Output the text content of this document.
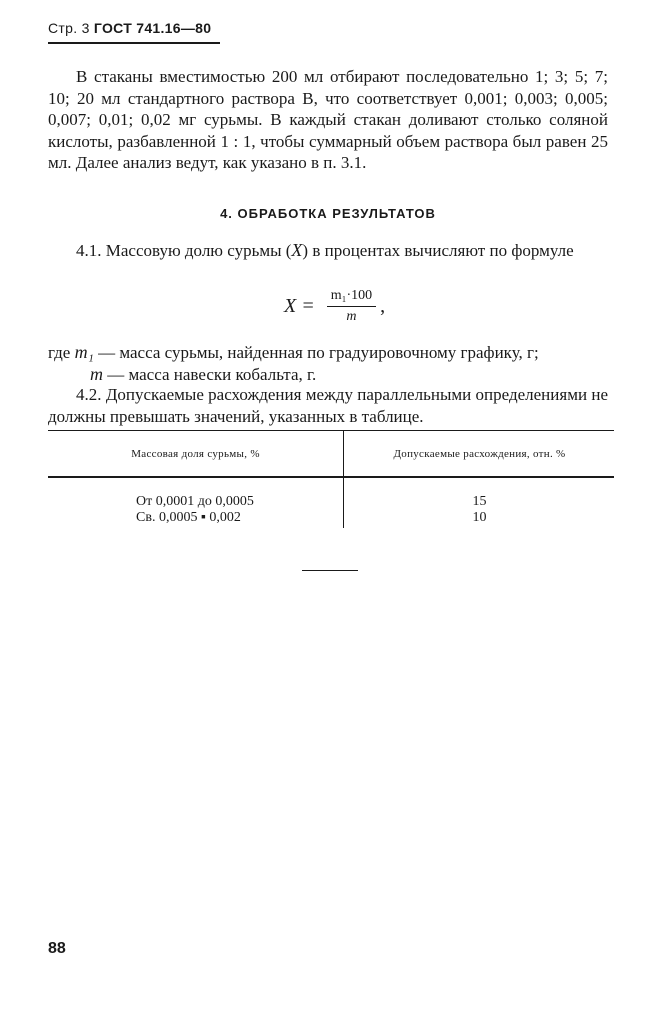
Стр. 3 ГОСТ 741.16—80

В стаканы вместимостью 200 мл отбирают последовательно 1; 3; 5; 7; 10; 20 мл стандартного раствора В, что соответствует 0,001; 0,003; 0,005; 0,007; 0,01; 0,02 мг сурьмы. В каждый стакан доливают столько соляной кислоты, разбавленной 1 : 1, чтобы суммарный объем раствора был равен 25 мл. Далее анализ ведут, как указано в п. 3.1.

4. ОБРАБОТКА РЕЗУЛЬТАТОВ

4.1. Массовую долю сурьмы (X) в процентах вычисляют по формуле

$X = \frac{\text{m₁·100}}{m}$ ,
где m₁ — масса сурьмы, найденная по градуировочному графику, г;
m — масса навески кобальта, г.

4.2. Допускаемые расхождения между параллельными определениями не должны превышать значений, указанных в таблице.

Массовая доля сурьмы, %	Допускаемые расхождения, отн. %
От 0,0001 до 0,0005	15
Св. 0,0005 ▪ 0,002	10
88
